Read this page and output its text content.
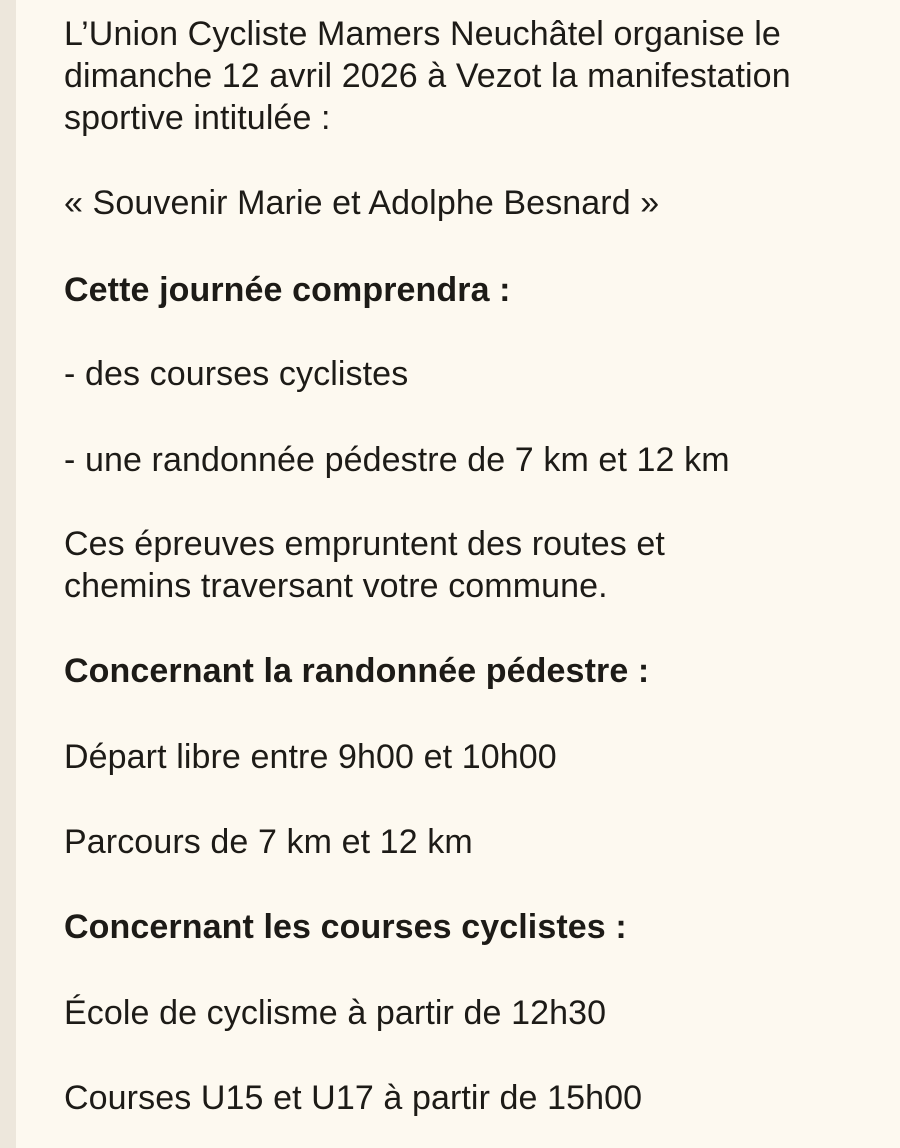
L’Union Cycliste Mamers Neuchâtel organise le
dimanche 12 avril 2026 à Vezot la manifestation
sportive intitulée :
« Souvenir Marie et Adolphe Besnard »
Cette journée comprendra :
- des courses cyclistes
- une randonnée pédestre de 7 km et 12 km
Ces épreuves empruntent des routes et
chemins traversant votre commune.
Concernant la randonnée pédestre :
Départ libre entre 9h00 et 10h00
Parcours de 7 km et 12 km
Concernant les courses cyclistes :
École de cyclisme à partir de 12h30
Courses U15 et U17 à partir de 15h00
